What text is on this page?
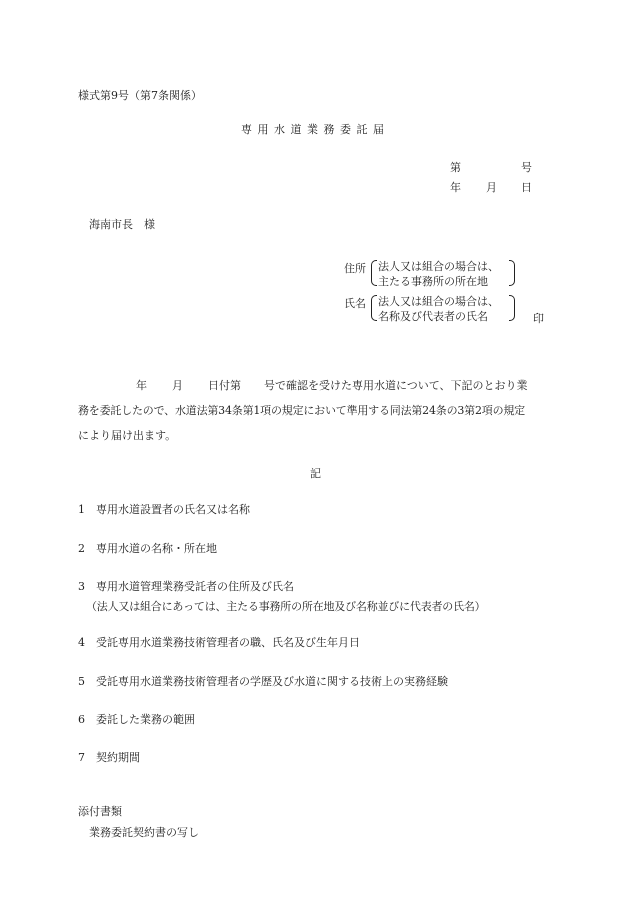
様式第9号（第7条関係）
専用水道業務委託届
第	号
年 月 日
海南市長　様
住所 法人又は組合の場合は、
主たる事務所の所在地
氏名 法人又は組合の場合は、
名称及び代表者の氏名	印
年 月 日付第 号で確認を受けた専用水道について、下記のとおり業
務を委託したので、水道法第34条第1項の規定において準用する同法第24条の3第2項の規定
により届け出ます。
記
1　専用水道設置者の氏名又は名称
2　専用水道の名称・所在地
3　専用水道管理業務受託者の住所及び氏名
（法人又は組合にあっては、主たる事務所の所在地及び名称並びに代表者の氏名）
4　受託専用水道業務技術管理者の職、氏名及び生年月日
5　受託専用水道業務技術管理者の学歴及び水道に関する技術上の実務経験
6　委託した業務の範囲
7　契約期間
添付書類
業務委託契約書の写し
